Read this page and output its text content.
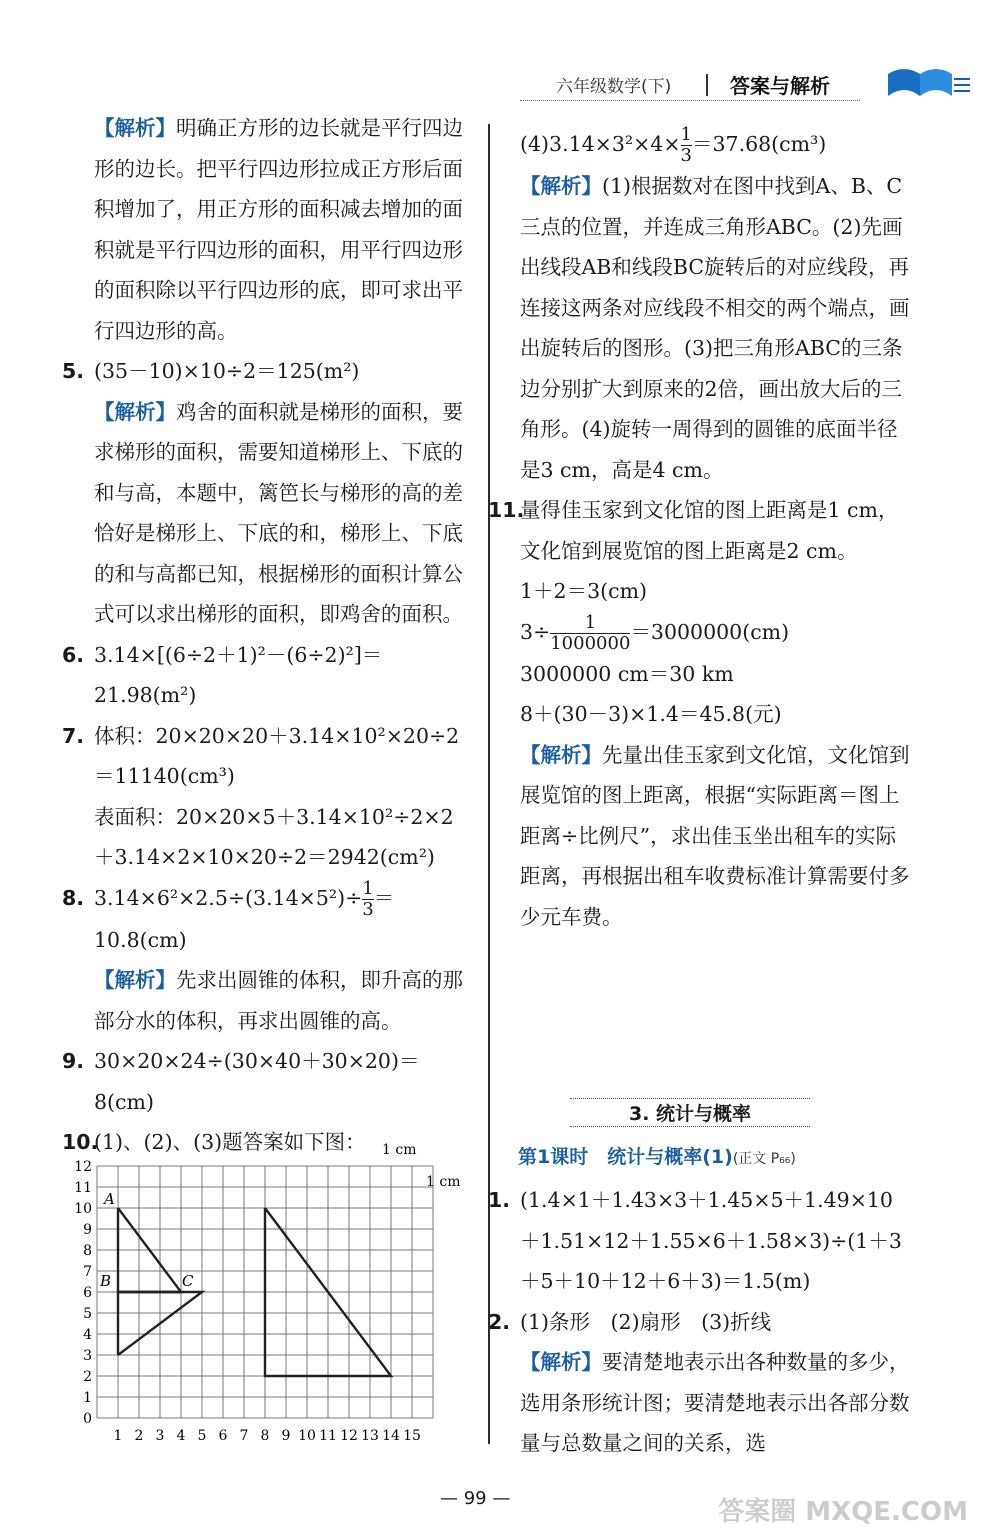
六年级数学(下)	答案与解析

【解析】明确正方形的边长就是平行四边形的边长。把平行四边形拉成正方形后面积增加了，用正方形的面积减去增加的面积就是平行四边形的面积，用平行四边形的面积除以平行四边形的底，即可求出平行四边形的高。

5. (35－10)×10÷2＝125(m²)

【解析】鸡舍的面积就是梯形的面积，要求梯形的面积，需要知道梯形上、下底的和与高，本题中，篱笆长与梯形的高的差恰好是梯形上、下底的和，梯形上、下底的和与高都已知，根据梯形的面积计算公式可以求出梯形的面积，即鸡舍的面积。

6. 3.14×[(6÷2＋1)²－(6÷2)²]＝21.98(m²)

7. 体积：20×20×20＋3.14×10²×20÷2＝11140(cm³)

表面积：20×20×5＋3.14×10²÷2×2＋3.14×2×10×20÷2＝2942(cm²)

8. $3.14\times 6^2\times 2.5\div(3.14\times 5^2)\div \frac{1}{3}$ ＝

10.8(cm)

【解析】先求出圆锥的体积，即升高的那部分水的体积，再求出圆锥的高。

9. 30×20×24÷(30×40＋30×20)＝8(cm)

10.(1)、(2)、(3)题答案如下图：

0
1
2
3
4
5
6
7
8
9
10
11
12
1 2 3 4 5 6 7 8 9 10 11 12 13 14 15
A
B	C
1 cm
1 cm

$(4)3.14\times 3^2\times 4\times \frac{1}{3} =37.68(cm^3)$

【解析】(1)根据数对在图中找到A、B、C三点的位置，并连成三角形ABC。(2)先画出线段AB和线段BC旋转后的对应线段，再连接这两条对应线段不相交的两个端点，画出旋转后的图形。(3)把三角形ABC的三条边分别扩大到原来的2倍，画出放大后的三角形。(4)旋转一周得到的圆锥的底面半径是3 cm，高是4 cm。

11.量得佳玉家到文化馆的图上距离是1 cm，文化馆到展览馆的图上距离是2 cm。

1＋2＝3(cm)

$3\div \frac{1}{1000000} =3000000(cm)$

3000000 cm＝30 km

8＋(30－3)×1.4＝45.8(元)

【解析】先量出佳玉家到文化馆，文化馆到展览馆的图上距离，根据“实际距离＝图上距离÷比例尺”，求出佳玉坐出租车的实际距离，再根据出租车收费标准计算需要付多少元车费。

3. 统计与概率
第1课时　统计与概率(1)(正文 P₆₆)

1. (1.4×1＋1.43×3＋1.45×5＋1.49×10＋1.51×12＋1.55×6＋1.58×3)÷(1＋3＋5＋10＋12＋6＋3)＝1.5(m)

2. (1)条形　(2)扇形　(3)折线

【解析】要清楚地表示出各种数量的多少，选用条形统计图；要清楚地表示出各部分数量与总数量之间的关系，选

— 99 —	答案圈 MXQE.COM
